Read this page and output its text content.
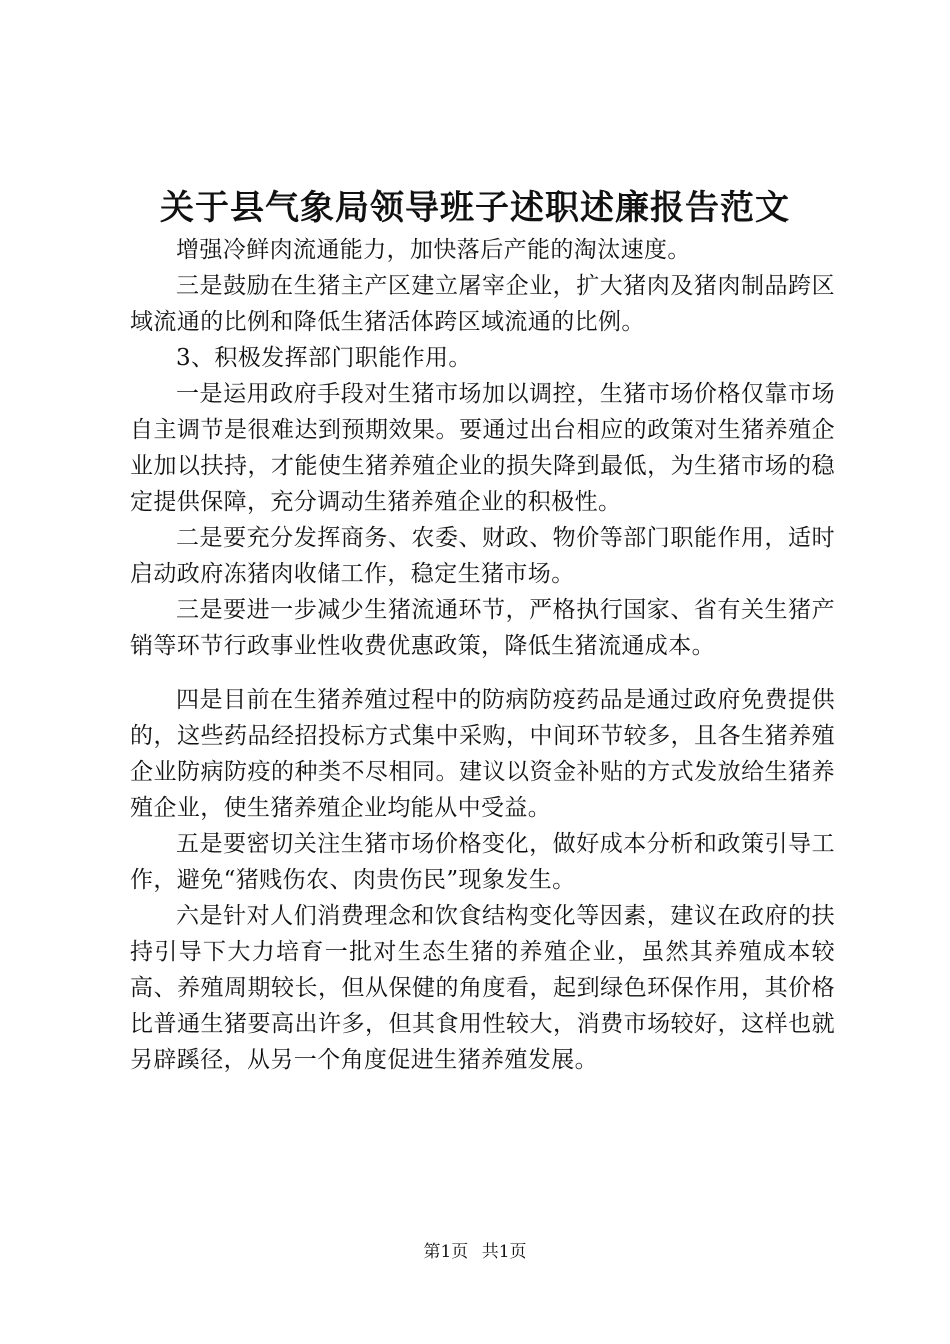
关于县气象局领导班子述职述廉报告范文

增强冷鲜肉流通能力，加快落后产能的淘汰速度。

三是鼓励在生猪主产区建立屠宰企业，扩大猪肉及猪肉制品跨区域流通的比例和降低生猪活体跨区域流通的比例。

3、积极发挥部门职能作用。

一是运用政府手段对生猪市场加以调控，生猪市场价格仅靠市场自主调节是很难达到预期效果。要通过出台相应的政策对生猪养殖企业加以扶持，才能使生猪养殖企业的损失降到最低，为生猪市场的稳定提供保障，充分调动生猪养殖企业的积极性。

二是要充分发挥商务、农委、财政、物价等部门职能作用，适时启动政府冻猪肉收储工作，稳定生猪市场。

三是要进一步减少生猪流通环节，严格执行国家、省有关生猪产销等环节行政事业性收费优惠政策，降低生猪流通成本。

四是目前在生猪养殖过程中的防病防疫药品是通过政府免费提供的，这些药品经招投标方式集中采购，中间环节较多，且各生猪养殖企业防病防疫的种类不尽相同。建议以资金补贴的方式发放给生猪养殖企业，使生猪养殖企业均能从中受益。

五是要密切关注生猪市场价格变化，做好成本分析和政策引导工作，避免“猪贱伤农、肉贵伤民”现象发生。

六是针对人们消费理念和饮食结构变化等因素，建议在政府的扶持引导下大力培育一批对生态生猪的养殖企业，虽然其养殖成本较高、养殖周期较长，但从保健的角度看，起到绿色环保作用，其价格比普通生猪要高出许多，但其食用性较大，消费市场较好，这样也就另辟蹊径，从另一个角度促进生猪养殖发展。

第1页 共1页
